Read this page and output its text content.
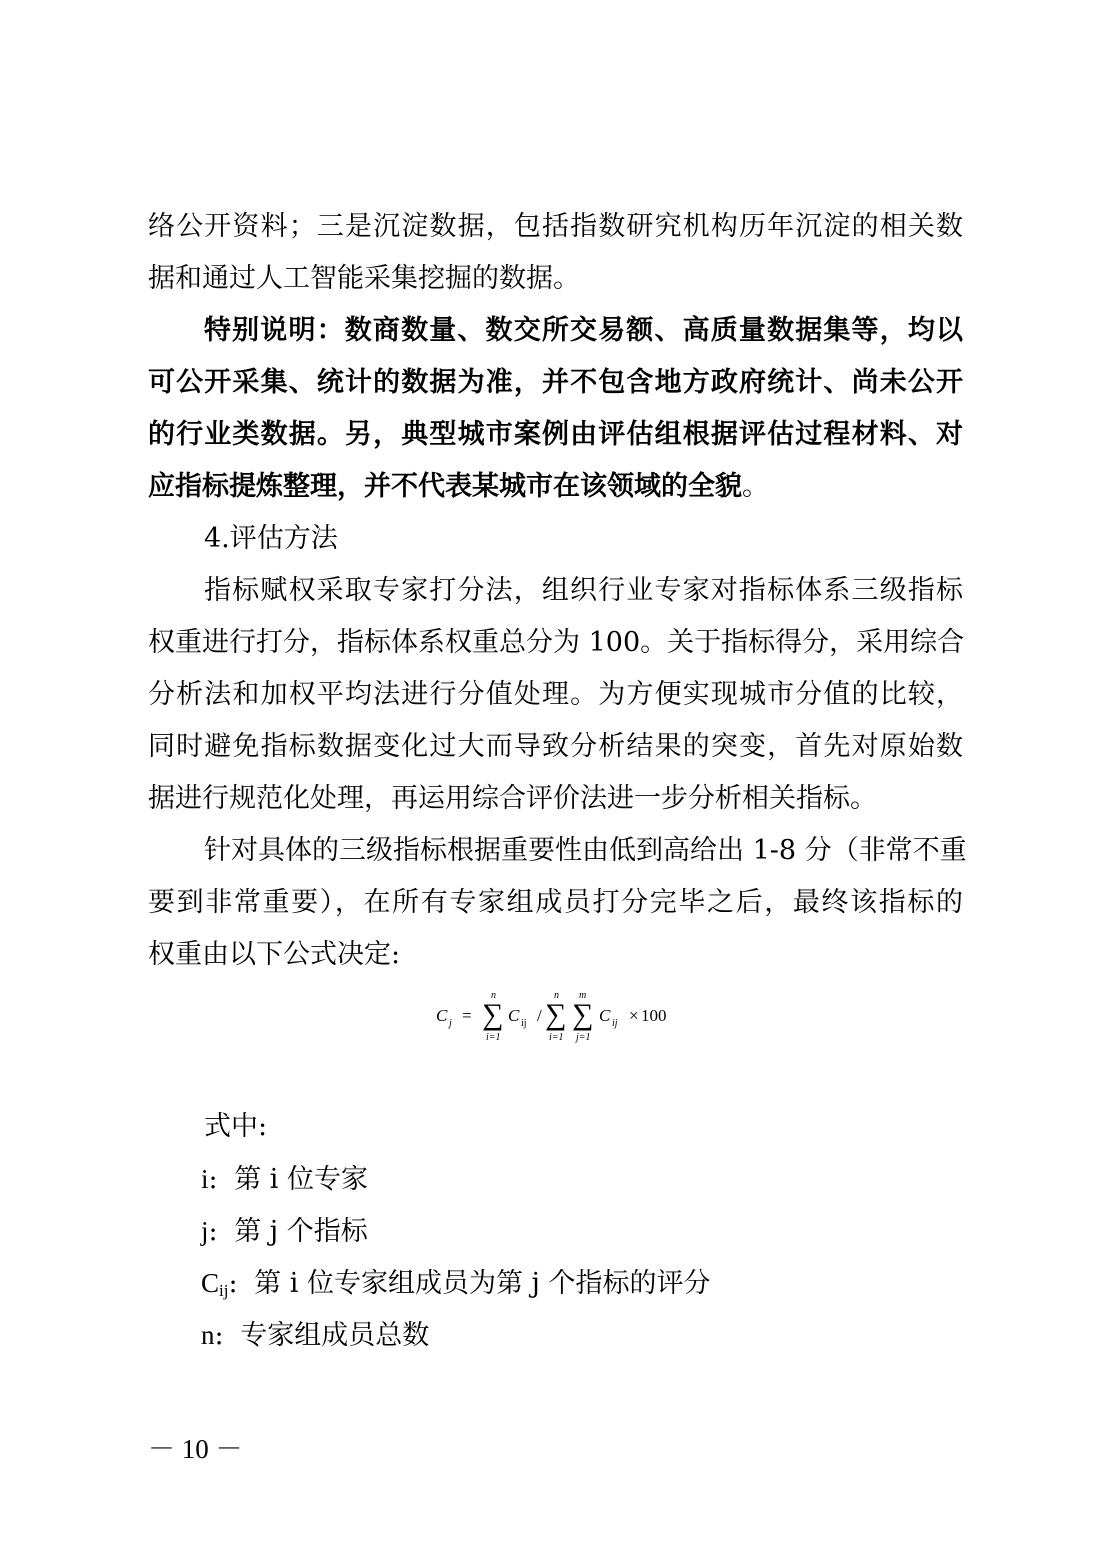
络公开资料；三是沉淀数据，包括指数研究机构历年沉淀的相关数
据和通过人工智能采集挖掘的数据。
特别说明：数商数量、数交所交易额、高质量数据集等，均以
可公开采集、统计的数据为准，并不包含地方政府统计、尚未公开
的行业类数据。另，典型城市案例由评估组根据评估过程材料、对
应指标提炼整理，并不代表某城市在该领域的全貌。
4.评估方法
指标赋权采取专家打分法，组织行业专家对指标体系三级指标
权重进行打分，指标体系权重总分为 100。关于指标得分，采用综合
分析法和加权平均法进行分值处理。为方便实现城市分值的比较，
同时避免指标数据变化过大而导致分析结果的突变，首先对原始数
据进行规范化处理，再运用综合评价法进一步分析相关指标。
针对具体的三级指标根据重要性由低到高给出 1-8 分（非常不重
要到非常重要），在所有专家组成员打分完毕之后，最终该指标的
权重由以下公式决定:
C j =
n
∑
i=1
C ij /
n
∑
i=1
m
∑
j=1
C ij × 100
式中:
i: 第 i 位专家
j: 第 j 个指标
$C_{ij}$: 第 i 位专家组成员为第 j 个指标的评分
n: 专家组成员总数
－ 10 －
